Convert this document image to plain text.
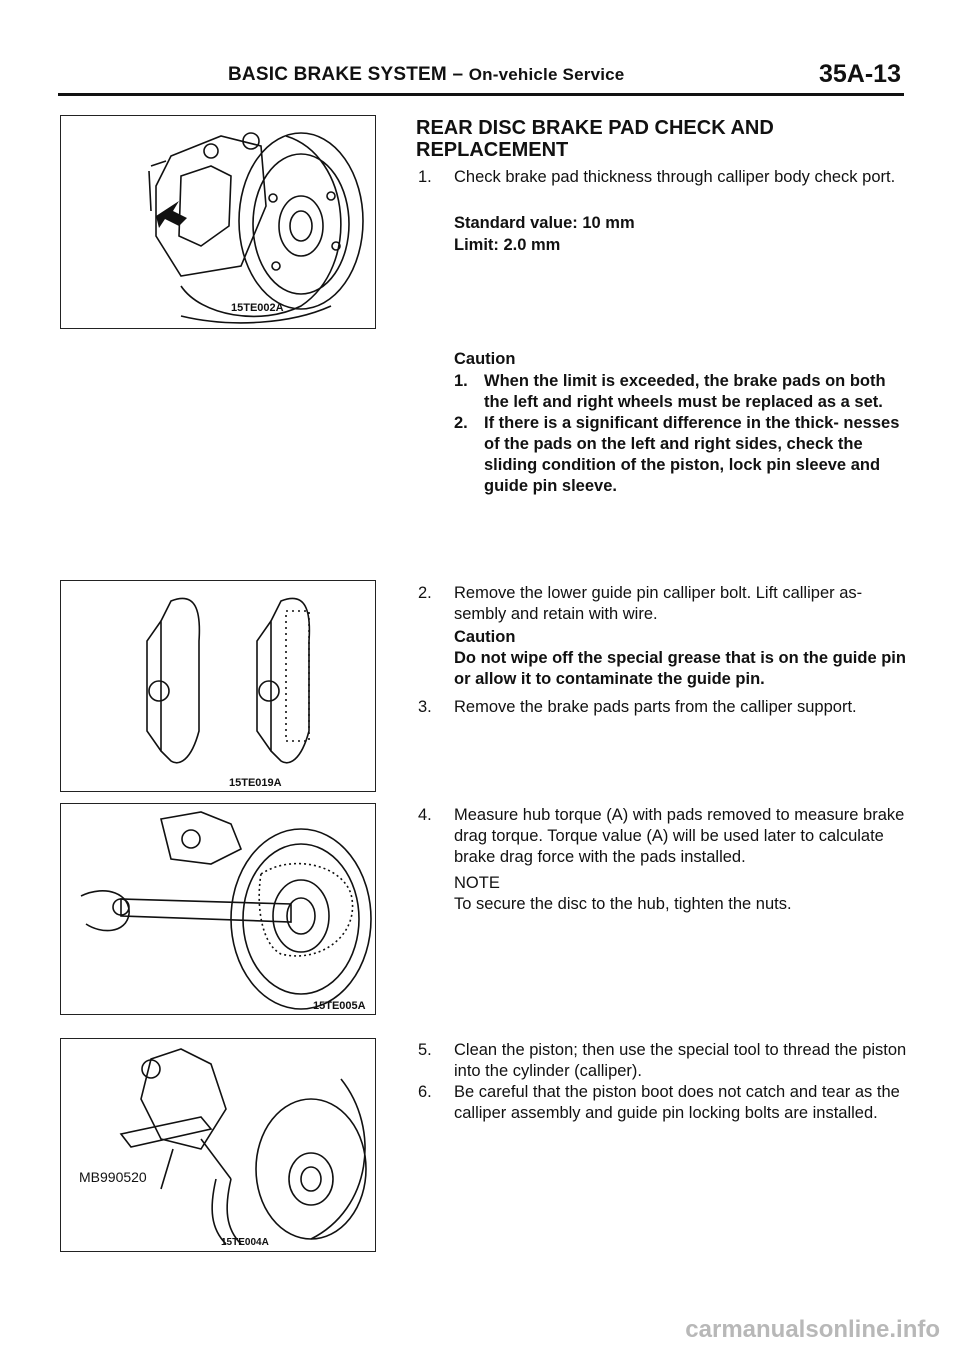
BASIC BRAKE SYSTEM – On-vehicle Service	35A-13
15TE002A
15TE019A
15TE005A
MB990520
15TE004A
REAR DISC BRAKE PAD CHECK AND
REPLACEMENT
1.	Check brake pad thickness through calliper body check port.
Standard value: 10 mm
Limit: 2.0 mm
Caution
1. When the limit is exceeded, the brake pads on both the left and right wheels must be replaced as a set.
2. If there is a significant difference in the thick- nesses of the pads on the left and right sides, check the sliding condition of the piston, lock pin sleeve and guide pin sleeve.
2.	Remove the lower guide pin calliper bolt. Lift calliper as- sembly and retain with wire.
Caution
Do not wipe off the special grease that is on the guide pin or allow it to contaminate the guide pin.
3.	Remove the brake pads parts from the calliper support.
4.	Measure hub torque (A) with pads removed to measure brake drag torque. Torque value (A) will be used later to calculate brake drag force with the pads installed.
NOTE
To secure the disc to the hub, tighten the nuts.
5.	Clean the piston; then use the special tool to thread the piston into the cylinder (calliper).
6.	Be careful that the piston boot does not catch and tear as the calliper assembly and guide pin locking bolts are installed.
carmanualsonline.info
